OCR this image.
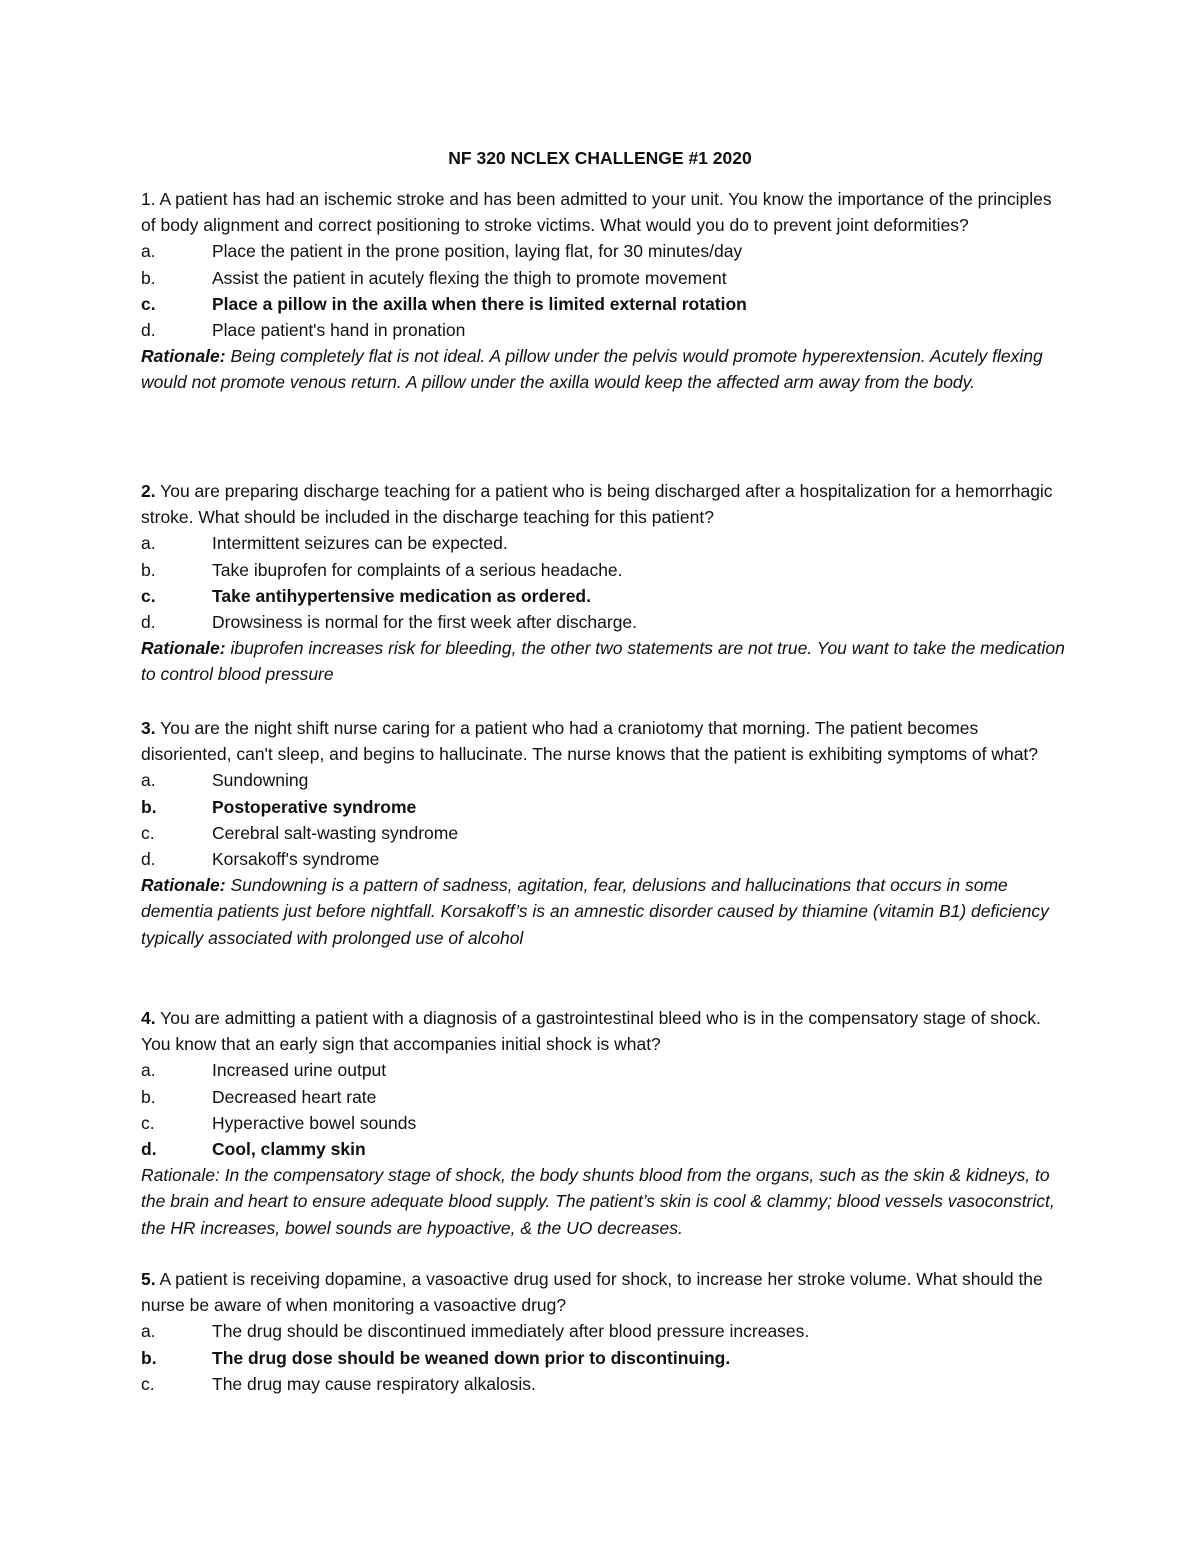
NF 320 NCLEX CHALLENGE #1 2020

1. A patient has had an ischemic stroke and has been admitted to your unit. You know the importance of the principles of body alignment and correct positioning to stroke victims. What would you do to prevent joint deformities?

a.	Place the patient in the prone position, laying flat, for 30 minutes/day
b.	Assist the patient in acutely flexing the thigh to promote movement
c.	Place a pillow in the axilla when there is limited external rotation
d.	Place patient's hand in pronation

Rationale: Being completely flat is not ideal. A pillow under the pelvis would promote hyperextension. Acutely flexing would not promote venous return. A pillow under the axilla would keep the affected arm away from the body.

2. You are preparing discharge teaching for a patient who is being discharged after a hospitalization for a hemorrhagic stroke. What should be included in the discharge teaching for this patient?

a.	Intermittent seizures can be expected.
b.	Take ibuprofen for complaints of a serious headache.
c.	Take antihypertensive medication as ordered.
d.	Drowsiness is normal for the first week after discharge.

Rationale: ibuprofen increases risk for bleeding, the other two statements are not true. You want to take the medication to control blood pressure

3. You are the night shift nurse caring for a patient who had a craniotomy that morning. The patient becomes disoriented, can't sleep, and begins to hallucinate. The nurse knows that the patient is exhibiting symptoms of what?

a.	Sundowning
b.	Postoperative syndrome
c.	Cerebral salt-wasting syndrome
d.	Korsakoff's syndrome

Rationale: Sundowning is a pattern of sadness, agitation, fear, delusions and hallucinations that occurs in some dementia patients just before nightfall. Korsakoff’s is an amnestic disorder caused by thiamine (vitamin B1) deficiency typically associated with prolonged use of alcohol

4. You are admitting a patient with a diagnosis of a gastrointestinal bleed who is in the compensatory stage of shock. You know that an early sign that accompanies initial shock is what?

a.	Increased urine output
b.	Decreased heart rate
c.	Hyperactive bowel sounds
d.	Cool, clammy skin

Rationale: In the compensatory stage of shock, the body shunts blood from the organs, such as the skin & kidneys, to the brain and heart to ensure adequate blood supply. The patient’s skin is cool & clammy; blood vessels vasoconstrict, the HR increases, bowel sounds are hypoactive, & the UO decreases.

5. A patient is receiving dopamine, a vasoactive drug used for shock, to increase her stroke volume. What should the nurse be aware of when monitoring a vasoactive drug?

a.	The drug should be discontinued immediately after blood pressure increases.
b.	The drug dose should be weaned down prior to discontinuing.
c.	The drug may cause respiratory alkalosis.
